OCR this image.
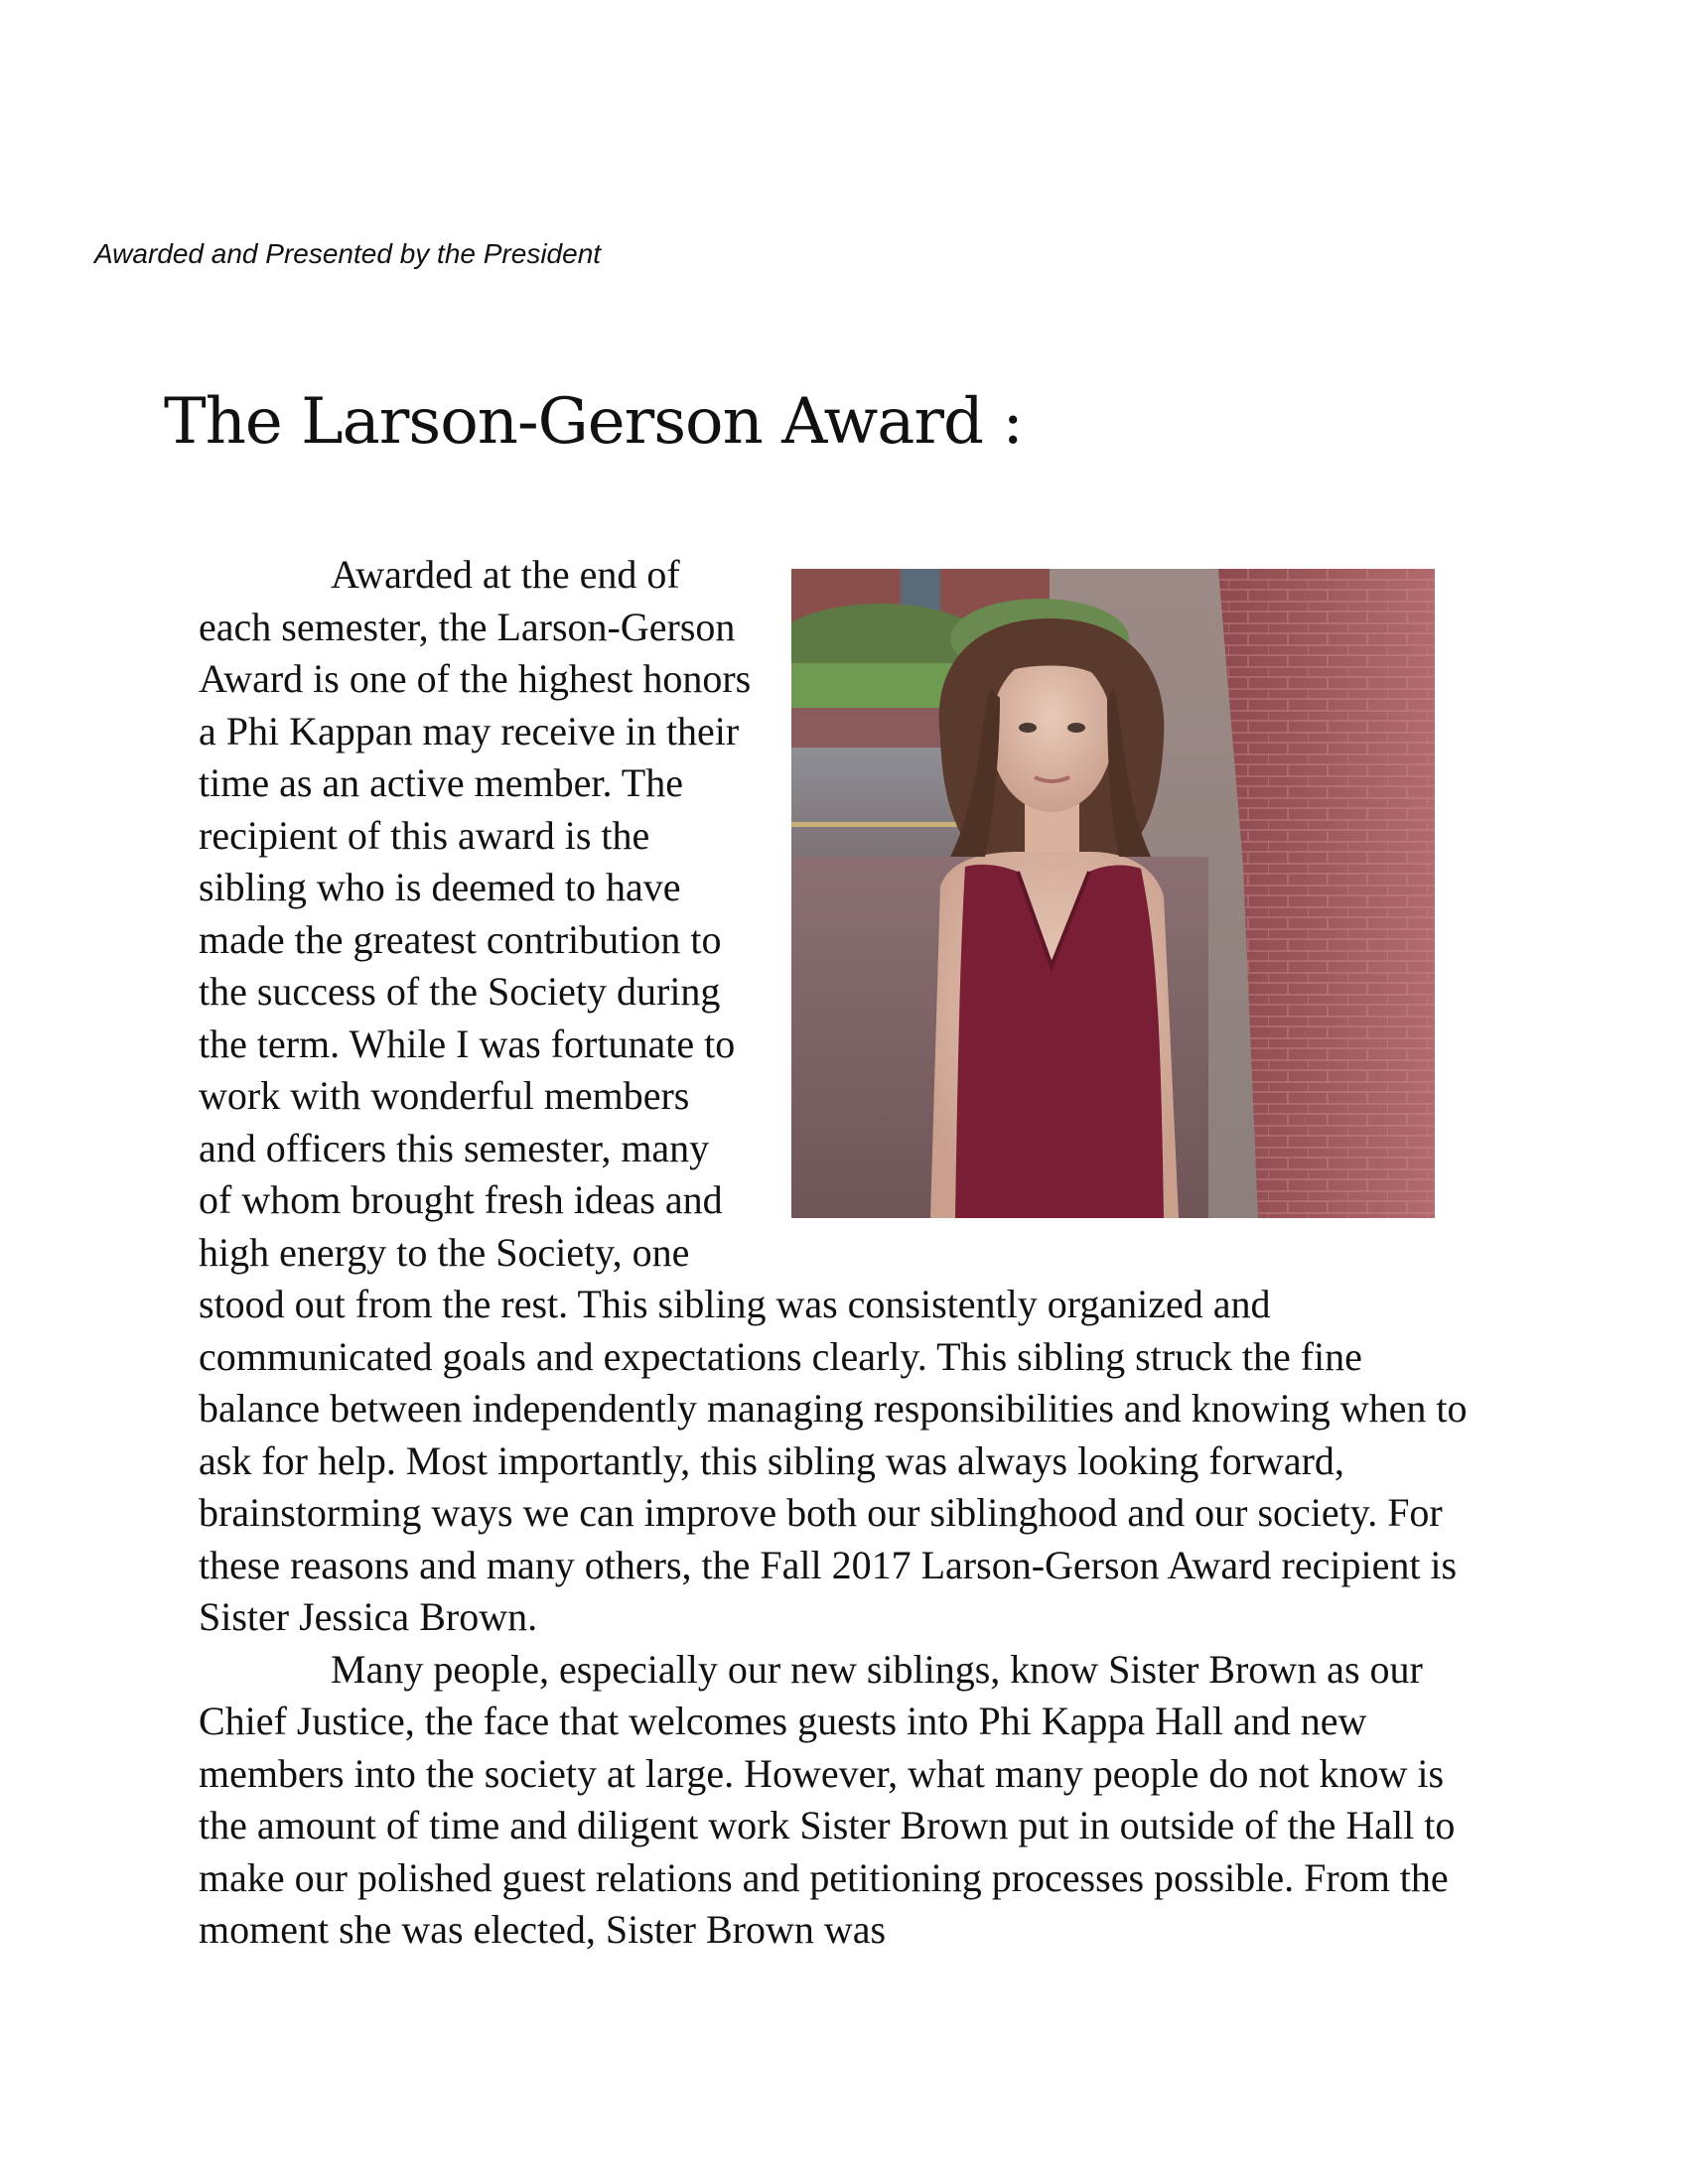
Awarded and Presented by the President

The Larson-Gerson Award :

Awarded at the end of each semester, the Larson-Gerson Award is one of the highest honors a Phi Kappan may receive in their time as an active member. The recipient of this award is the sibling who is deemed to have made the greatest contribution to the success of the Society during the term. While I was fortunate to work with wonderful members and officers this semester, many of whom brought fresh ideas and high energy to the Society, one stood out from the rest. This sibling was consistently organized and communicated goals and expectations clearly. This sibling struck the fine balance between independently managing responsibilities and knowing when to ask for help. Most importantly, this sibling was always looking forward, brainstorming ways we can improve both our siblinghood and our society. For these reasons and many others, the Fall 2017 Larson-Gerson Award recipient is Sister Jessica Brown.

Many people, especially our new siblings, know Sister Brown as our Chief Justice, the face that welcomes guests into Phi Kappa Hall and new members into the society at large. However, what many people do not know is the amount of time and diligent work Sister Brown put in outside of the Hall to make our polished guest relations and petitioning processes possible. From the moment she was elected, Sister Brown was
